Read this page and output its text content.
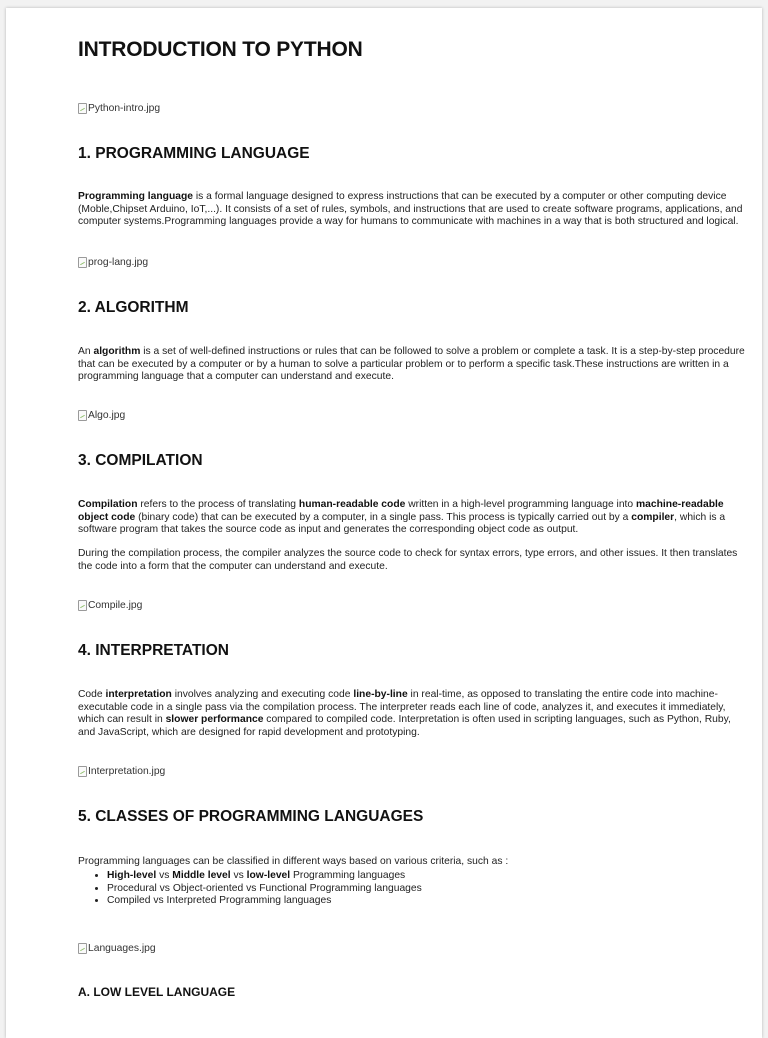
INTRODUCTION TO PYTHON
Python-intro.jpg
1. PROGRAMMING LANGUAGE

Programming language is a formal language designed to express instructions that can be executed by a computer or other computing device (Moble,Chipset Arduino, IoT,...). It consists of a set of rules, symbols, and instructions that are used to create software programs, applications, and computer systems.Programming languages provide a way for humans to communicate with machines in a way that is both structured and logical.

prog-lang.jpg
2. ALGORITHM

An algorithm is a set of well-defined instructions or rules that can be followed to solve a problem or complete a task. It is a step-by-step procedure that can be executed by a computer or by a human to solve a particular problem or to perform a specific task.These instructions are written in a programming language that a computer can understand and execute.

Algo.jpg
3. COMPILATION

Compilation refers to the process of translating human-readable code written in a high-level programming language into machine-readable object code (binary code) that can be executed by a computer, in a single pass. This process is typically carried out by a compiler, which is a software program that takes the source code as input and generates the corresponding object code as output.

During the compilation process, the compiler analyzes the source code to check for syntax errors, type errors, and other issues. It then translates the code into a form that the computer can understand and execute.

Compile.jpg
4. INTERPRETATION

Code interpretation involves analyzing and executing code line-by-line in real-time, as opposed to translating the entire code into machine-executable code in a single pass via the compilation process. The interpreter reads each line of code, analyzes it, and executes it immediately, which can result in slower performance compared to compiled code. Interpretation is often used in scripting languages, such as Python, Ruby, and JavaScript, which are designed for rapid development and prototyping.

Interpretation.jpg
5. CLASSES OF PROGRAMMING LANGUAGES

Programming languages can be classified in different ways based on various criteria, such as :

• High-level vs Middle level vs low-level Programming languages
• Procedural vs Object-oriented vs Functional Programming languages
• Compiled vs Interpreted Programming languages
Languages.jpg
A. LOW LEVEL LANGUAGE
